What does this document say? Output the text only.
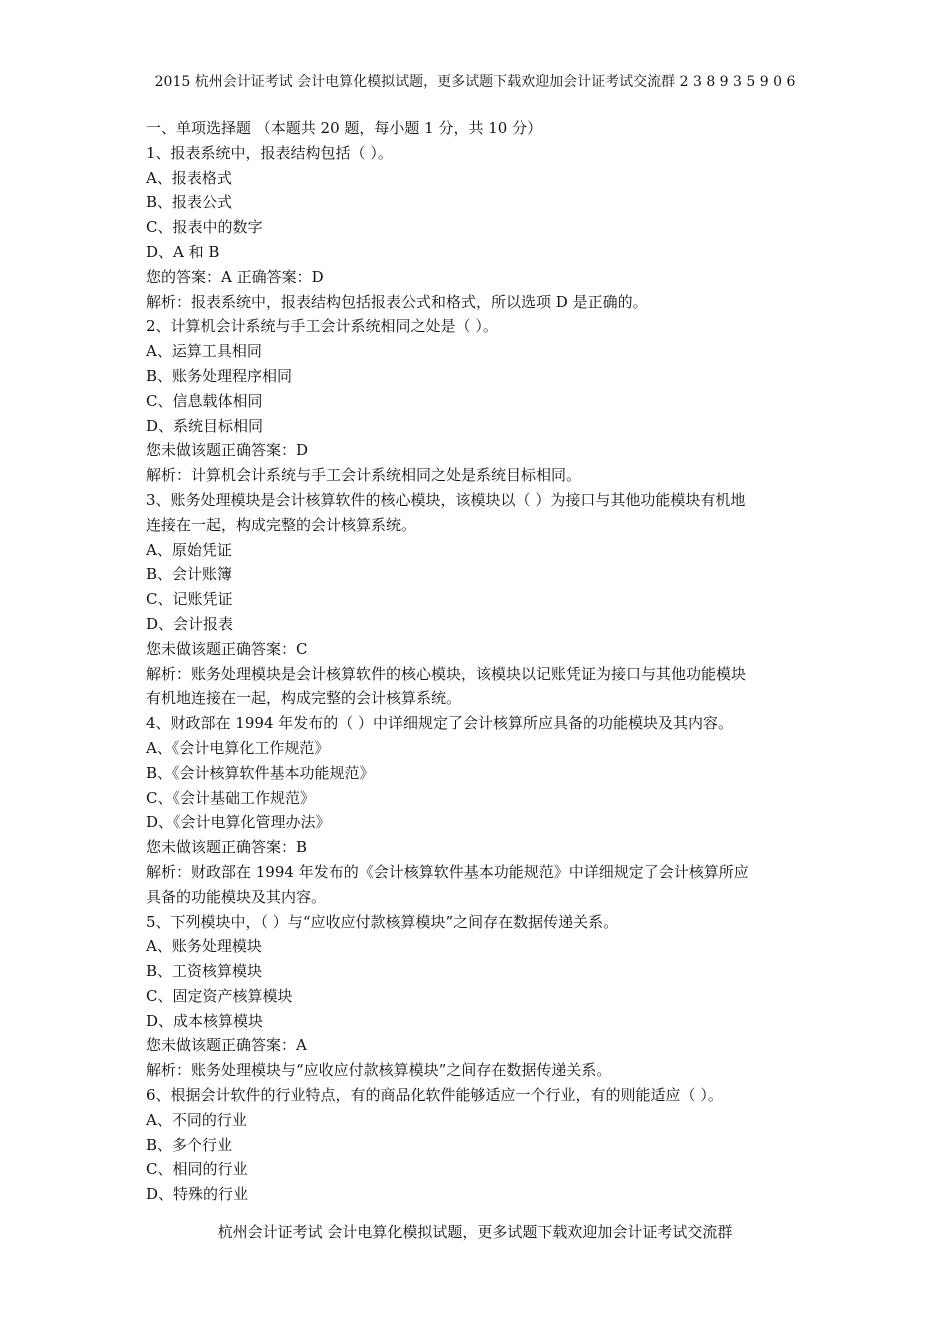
2015 杭州会计证考试 会计电算化模拟试题，更多试题下载欢迎加会计证考试交流群 2 3 8 9 3 5 9 0 6
一、单项选择题 （本题共 20 题，每小题 1 分，共 10 分）
1、报表系统中，报表结构包括（ ）。
A、报表格式
B、报表公式
C、报表中的数字
D、A 和 B
您的答案：A 正确答案：D
解析：报表系统中，报表结构包括报表公式和格式，所以选项 D 是正确的。
2、计算机会计系统与手工会计系统相同之处是（ ）。
A、运算工具相同
B、账务处理程序相同
C、信息载体相同
D、系统目标相同
您未做该题正确答案：D
解析：计算机会计系统与手工会计系统相同之处是系统目标相同。
3、账务处理模块是会计核算软件的核心模块，该模块以（ ）为接口与其他功能模块有机地
连接在一起，构成完整的会计核算系统。
A、原始凭证
B、会计账簿
C、记账凭证
D、会计报表
您未做该题正确答案：C
解析：账务处理模块是会计核算软件的核心模块，该模块以记账凭证为接口与其他功能模块
有机地连接在一起，构成完整的会计核算系统。
4、财政部在 1994 年发布的（ ）中详细规定了会计核算所应具备的功能模块及其内容。
A、《会计电算化工作规范》
B、《会计核算软件基本功能规范》
C、《会计基础工作规范》
D、《会计电算化管理办法》
您未做该题正确答案：B
解析：财政部在 1994 年发布的《会计核算软件基本功能规范》中详细规定了会计核算所应
具备的功能模块及其内容。
5、下列模块中，（ ）与“应收应付款核算模块”之间存在数据传递关系。
A、账务处理模块
B、工资核算模块
C、固定资产核算模块
D、成本核算模块
您未做该题正确答案：A
解析：账务处理模块与“应收应付款核算模块”之间存在数据传递关系。
6、根据会计软件的行业特点，有的商品化软件能够适应一个行业，有的则能适应（ ）。
A、不同的行业
B、多个行业
C、相同的行业
D、特殊的行业
杭州会计证考试 会计电算化模拟试题，更多试题下载欢迎加会计证考试交流群
